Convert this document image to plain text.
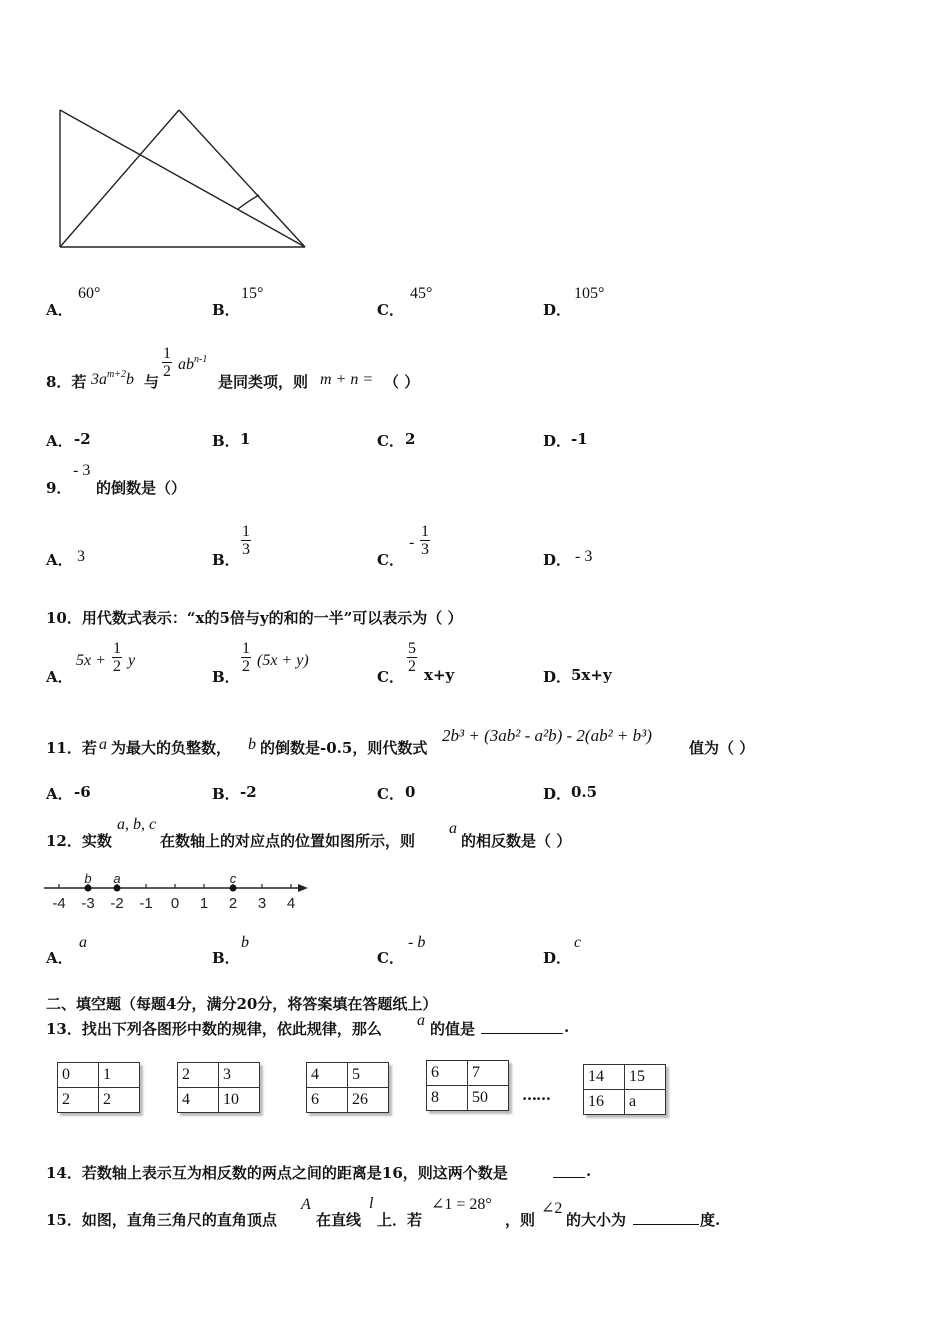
A．
60°
B．
15°
C．
45°
D．
105°
8．若 $3a^{m+2}b$ 与
$\frac{1}{2} ab^{n-1}$
是同类项，则 m + n = （ ）
A． -2	B． 1	C． 2	D． -1
9．
- 3
的倒数是（）
A． 3	B．
$\frac{1}{3}$
C．
- $\frac{1}{3}$
D． - 3
10．用代数式表示：“x的5倍与y的和的一半”可以表示为（ ）
A．
$5x + \frac{1}{2}$ y
B．
$\frac{1}{2} (5x + y)$
C．
$\frac{5}{2} x+y$	D． 5x+y
11．若 a 为最大的负整数， b 的倒数是-0.5，则代数式
2b³ + (3ab² - a²b) - 2(ab² + b³)
值为（ ）
A． -6	B． -2	C． 0	D． 0.5
12．实数
a, b, c
在数轴上的对应点的位置如图所示，则
a
的相反数是（ ）
-4 -3 -2 -1 0 1 2 3 4
b a	c
A．
a
B．
b
C．
- b
D．
c
二、填空题（每题4分，满分20分，将答案填在答题纸上）
13．找出下列各图形中数的规律，依此规律，那么 a 的值是	.
0	1
2	2
2	3
4	10
4	5
6	26
6	7
8	50 ……
14	15
16	a
14．若数轴上表示互为相反数的两点之间的距离是16，则这两个数是	.
15．如图，直角三角尺的直角顶点
A
在直线
l
上．若
∠1 = 28°
，则
∠2
的大小为	度.
